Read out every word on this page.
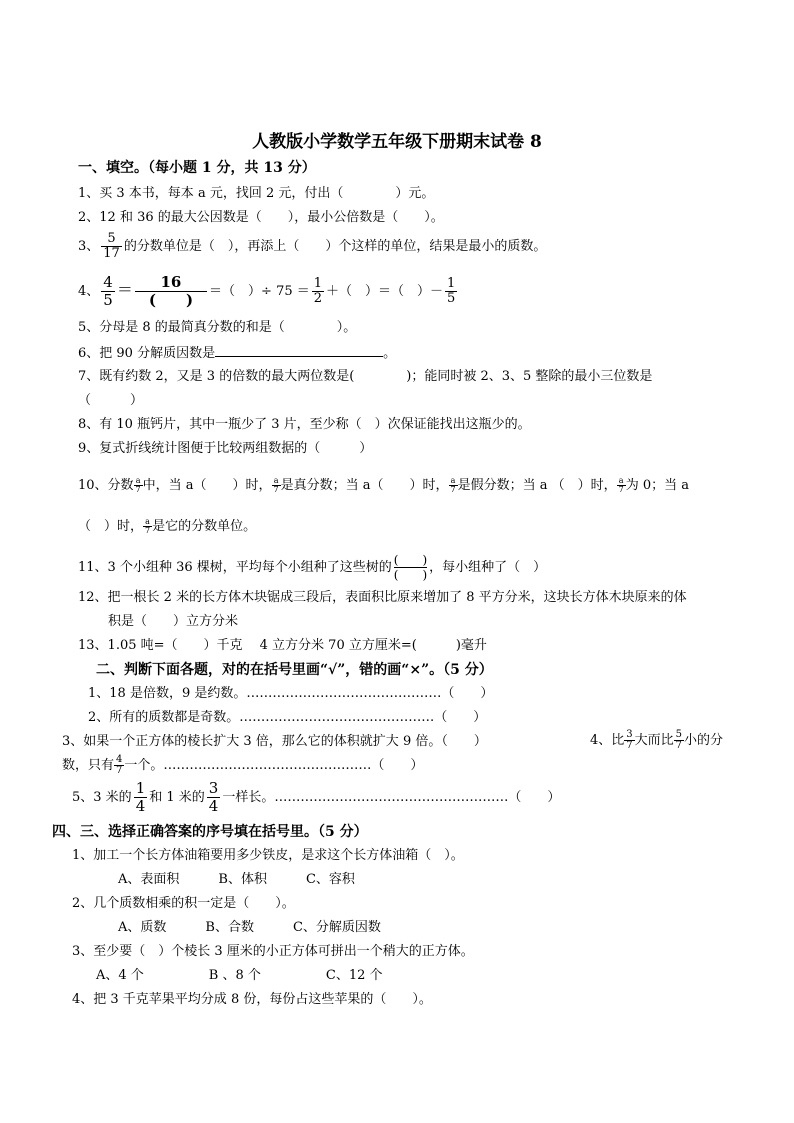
人教版小学数学五年级下册期末试卷 8
一、填空。（每小题 1 分，共 13 分）
1、买 3 本书，每本 a 元，找回 2 元，付出（　　　　）元。
2、12 和 36 的最大公因数是（　　），最小公倍数是（　　）。
3、 $\frac{5}{17}$ 的分数单位是（　），再添上（　　）个这样的单位，结果是最小的质数。
4、 $\frac{4}{5}$ ＝	16
(　　)	＝（　）÷ $75 = \frac{1}{2}$ ＋（　）＝（　）－ $\frac{1}{5}$
5、分母是 8 的最简真分数的和是（　　　　）。
6、把 90 分解质因数是	。
7、既有约数 2，又是 3 的倍数的最大两位数是(　　　　)；能同时被 2、3、5 整除的最小三位数是
（　　　）
8、有 10 瓶钙片，其中一瓶少了 3 片，至少称（　）次保证能找出这瓶少的。
9、复式折线统计图便于比较两组数据的（　　　）
10、分数 $\frac{a}{7}$ 中，当 a（　　）时， $\frac{a}{7}$ 是真分数；当 a（　　）时， $\frac{a}{7}$ 是假分数；当 a （　）时， $\frac{a}{7}$ 为 0；当 a
（　）时， $\frac{a}{7}$ 是它的分数单位。
11、3 个小组种 36 棵树，平均每个小组种了这些树的 (　　)
(　　) ，每小组种了（　）
12、把一根长 2 米的长方体木块锯成三段后，表面积比原来增加了 8 平方分米，这块长方体木块原来的体
积是（　　）立方分米
13、1.05 吨=（　　）千克　 4 立方分米 70 立方厘米=(　　　)毫升
二、判断下面各题，对的在括号里画“√”，错的画“×”。（5 分）
1、18 是倍数，9 是约数。………………………………………（　　）
2、所有的质数都是奇数。………………………………………（　　）
3、如果一个正方体的棱长扩大 3 倍，那么它的体积就扩大 9 倍。（　　）	4、比 $\frac{3}{7}$ 大而比 $\frac{5}{7}$ 小的分
数，只有 $\frac{4}{7}$ 一个。…………………………………………（　　）
5、3 米的 $\frac{1}{4}$ 和 1 米的 $\frac{3}{4}$ 一样长。………………………………………………（　　）
四、三、选择正确答案的序号填在括号里。（5 分）
1、加工一个长方体油箱要用多少铁皮，是求这个长方体油箱（　）。
A、表面积　　　B、体积　　　C、容积
2、几个质数相乘的积一定是（　　）。
A、质数　　　B、合数　　　C、分解质因数
3、至少要（　）个棱长 3 厘米的小正方体可拼出一个稍大的正方体。
A、4 个　　　　　B 、8 个　　　　　C、12 个
4、把 3 千克苹果平均分成 8 份，每份占这些苹果的（　　）。
